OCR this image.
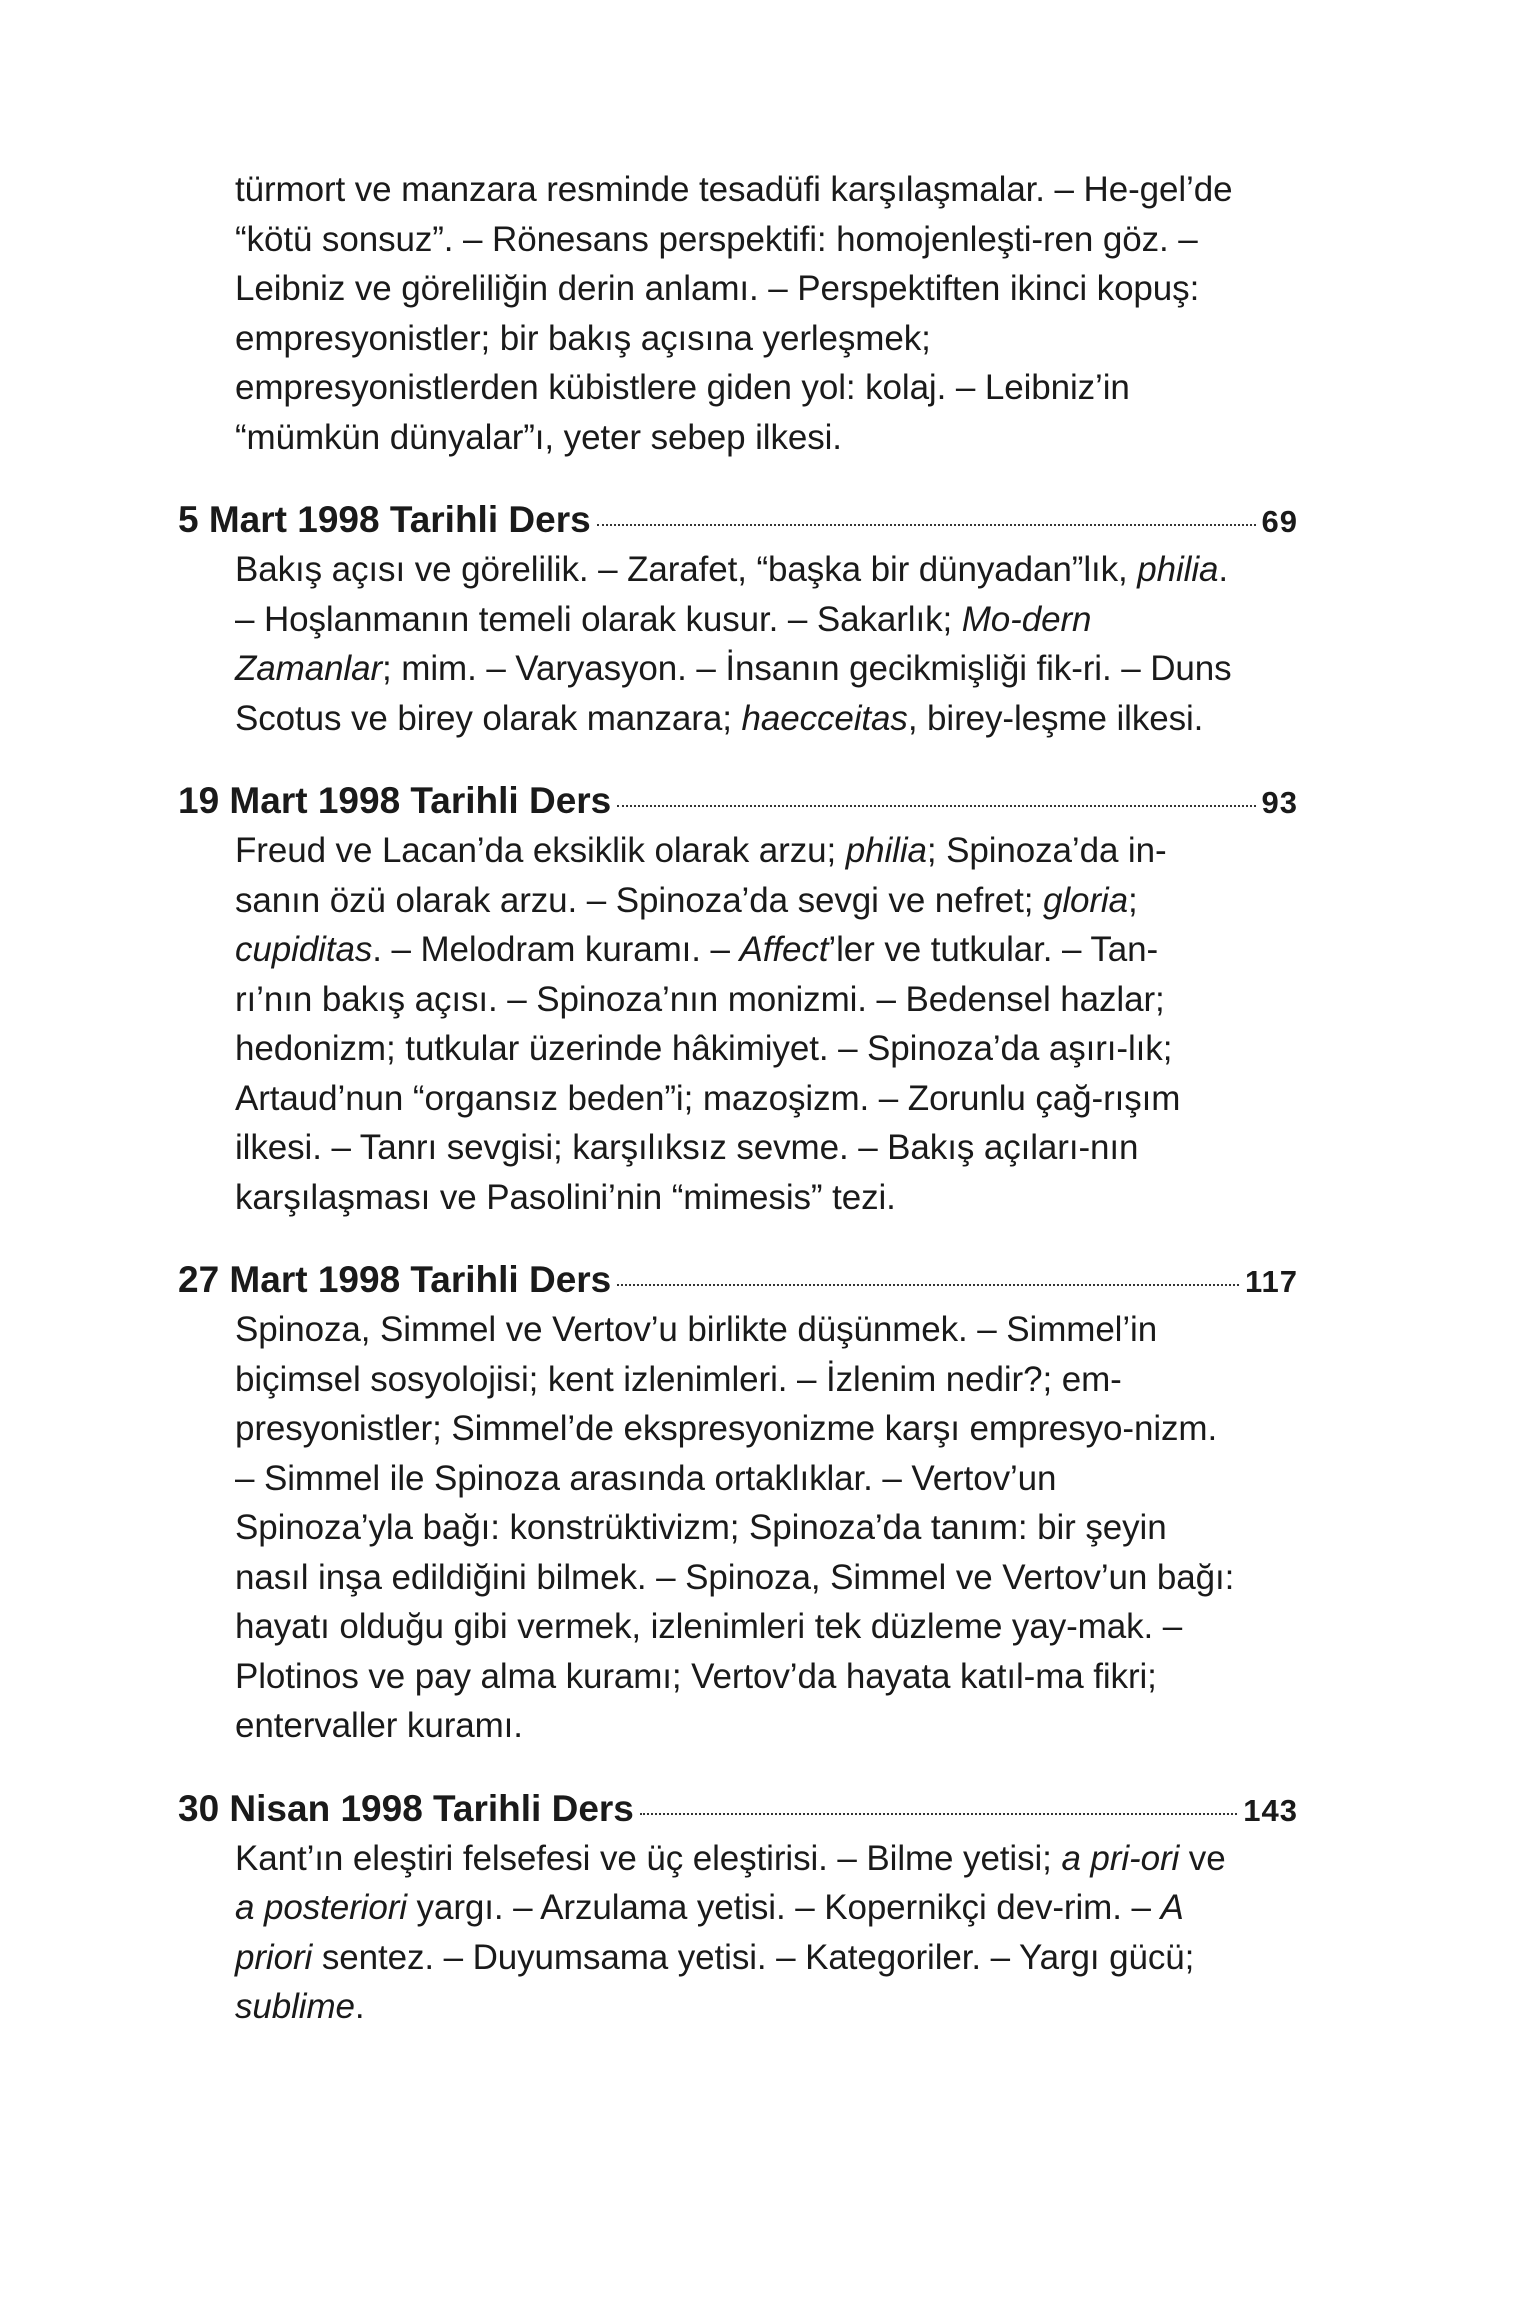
türmort ve manzara resminde tesadüfi karşılaşmalar. – He-gel’de “kötü sonsuz”. – Rönesans perspektifi: homojenleşti-ren göz. – Leibniz ve göreliliğin derin anlamı. – Perspektiften ikinci kopuş: empresyonistler; bir bakış açısına yerleşmek; empresyonistlerden kübistlere giden yol: kolaj. – Leibniz’in “mümkün dünyalar”ı, yeter sebep ilkesi.
5 Mart 1998 Tarihli Ders	69
Bakış açısı ve görelilik. – Zarafet, “başka bir dünyadan”lık, philia. – Hoşlanmanın temeli olarak kusur. – Sakarlık; Mo-dern Zamanlar; mim. – Varyasyon. – İnsanın gecikmişliği fik-ri. – Duns Scotus ve birey olarak manzara; haecceitas, birey-leşme ilkesi.
19 Mart 1998 Tarihli Ders	93
Freud ve Lacan’da eksiklik olarak arzu; philia; Spinoza’da in-sanın özü olarak arzu. – Spinoza’da sevgi ve nefret; gloria; cupiditas. – Melodram kuramı. – Affect’ler ve tutkular. – Tan-rı’nın bakış açısı. – Spinoza’nın monizmi. – Bedensel hazlar; hedonizm; tutkular üzerinde hâkimiyet. – Spinoza’da aşırı-lık; Artaud’nun “organsız beden”i; mazoşizm. – Zorunlu çağ-rışım ilkesi. – Tanrı sevgisi; karşılıksız sevme. – Bakış açıları-nın karşılaşması ve Pasolini’nin “mimesis” tezi.
27 Mart 1998 Tarihli Ders	117
Spinoza, Simmel ve Vertov’u birlikte düşünmek. – Simmel’in biçimsel sosyolojisi; kent izlenimleri. – İzlenim nedir?; em-presyonistler; Simmel’de ekspresyonizme karşı empresyo-nizm. – Simmel ile Spinoza arasında ortaklıklar. – Vertov’un Spinoza’yla bağı: konstrüktivizm; Spinoza’da tanım: bir şeyin nasıl inşa edildiğini bilmek. – Spinoza, Simmel ve Vertov’un bağı: hayatı olduğu gibi vermek, izlenimleri tek düzleme yay-mak. – Plotinos ve pay alma kuramı; Vertov’da hayata katıl-ma fikri; entervaller kuramı.
30 Nisan 1998 Tarihli Ders	143
Kant’ın eleştiri felsefesi ve üç eleştirisi. – Bilme yetisi; a pri-ori ve a posteriori yargı. – Arzulama yetisi. – Kopernikçi dev-rim. – A priori sentez. – Duyumsama yetisi. – Kategoriler. – Yargı gücü; sublime.
